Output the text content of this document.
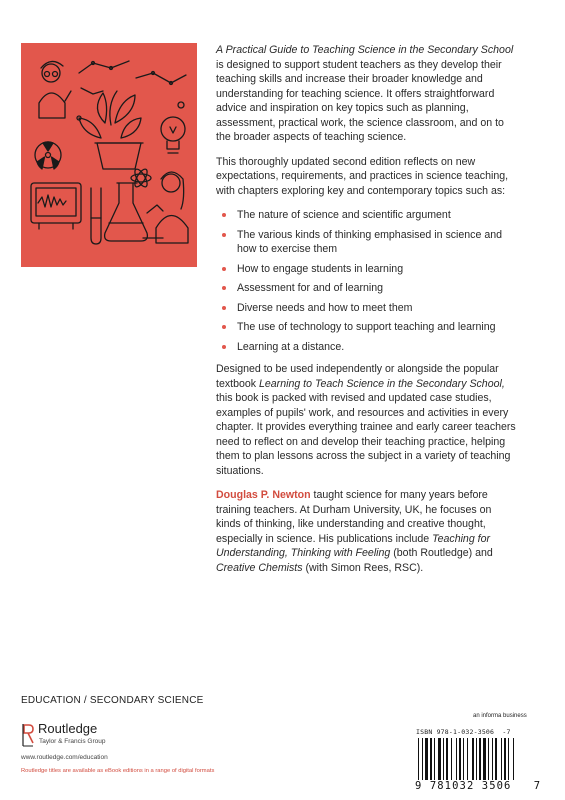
A Practical Guide to Teaching Science in the Secondary School is designed to support student teachers as they develop their teaching skills and increase their broader knowledge and understanding for teaching science. It offers straightforward advice and inspiration on key topics such as planning, assessment, practical work, the science classroom, and on to the broader aspects of teaching science.

This thoroughly updated second edition reflects on new expectations, requirements, and practices in science teaching, with chapters exploring key and contemporary topics such as:

The nature of science and scientific argument
The various kinds of thinking emphasised in science and how to exercise them
How to engage students in learning
Assessment for and of learning
Diverse needs and how to meet them
The use of technology to support teaching and learning
Learning at a distance.

Designed to be used independently or alongside the popular textbook Learning to Teach Science in the Secondary School, this book is packed with revised and updated case studies, examples of pupils' work, and resources and activities in every chapter. It provides everything trainee and early career teachers need to reflect on and develop their teaching practice, helping them to plan lessons across the subject in a variety of teaching situations.

Douglas P. Newton taught science for many years before training teachers. At Durham University, UK, he focuses on kinds of thinking, like understanding and creative thought, especially in science. His publications include Teaching for Understanding, Thinking with Feeling (both Routledge) and Creative Chemists (with Simon Rees, RSC).

EDUCATION / SECONDARY SCIENCE
Routledge
Taylor & Francis Group
www.routledge.com/education
Routledge titles are available as eBook editions in a range of digital formats
an informa business
ISBN 978-1-032-3506  -7
9 781032 3506   7
